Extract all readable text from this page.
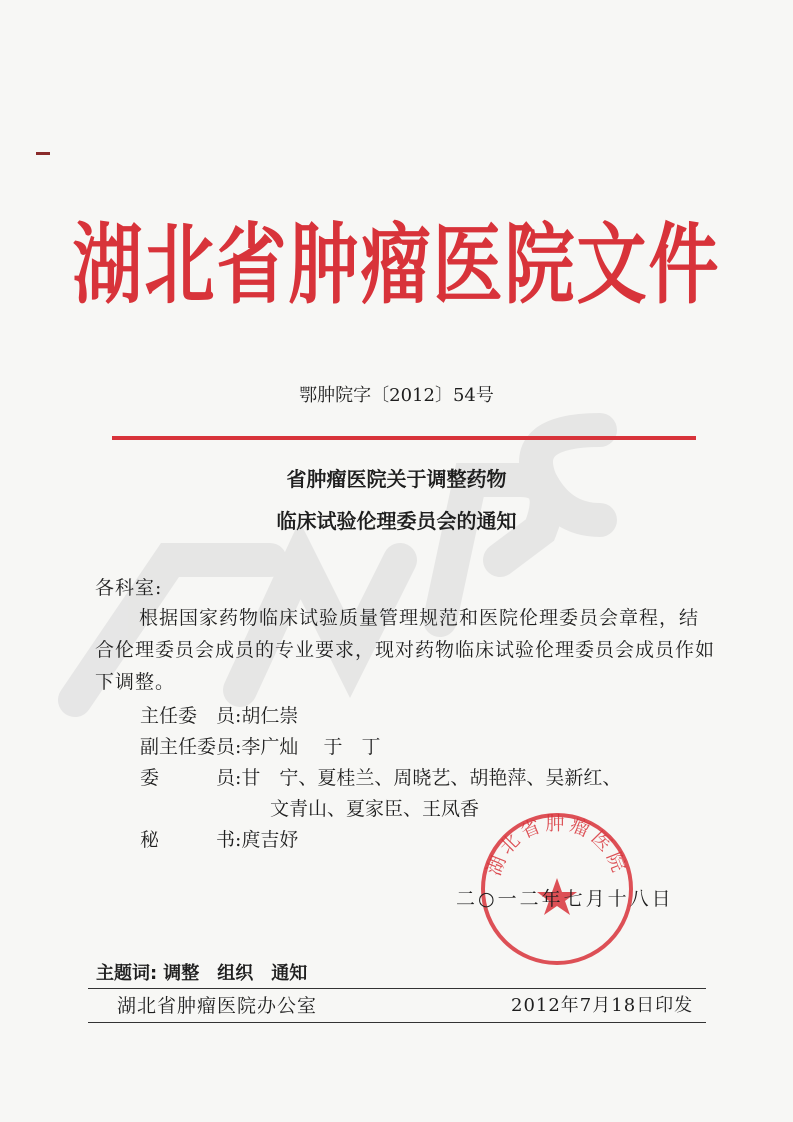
湖北省肿瘤医院文件
鄂肿院字〔2012〕54号
省肿瘤医院关于调整药物
临床试验伦理委员会的通知
各科室:
根据国家药物临床试验质量管理规范和医院伦理委员会章程，结合伦理委员会成员的专业要求，现对药物临床试验伦理委员会成员作如下调整。
主任委　员:胡仁崇
副主任委员:李广灿　 于　丁
委　　　员:甘　宁、夏桂兰、周晓艺、胡艳萍、吴新红、
文青山、夏家臣、王凤香
秘　　　书:庹吉妤
湖北省肿瘤医院
二○一二年七月十八日
主题词: 调整　组织　通知
湖北省肿瘤医院办公室	2012年7月18日印发
